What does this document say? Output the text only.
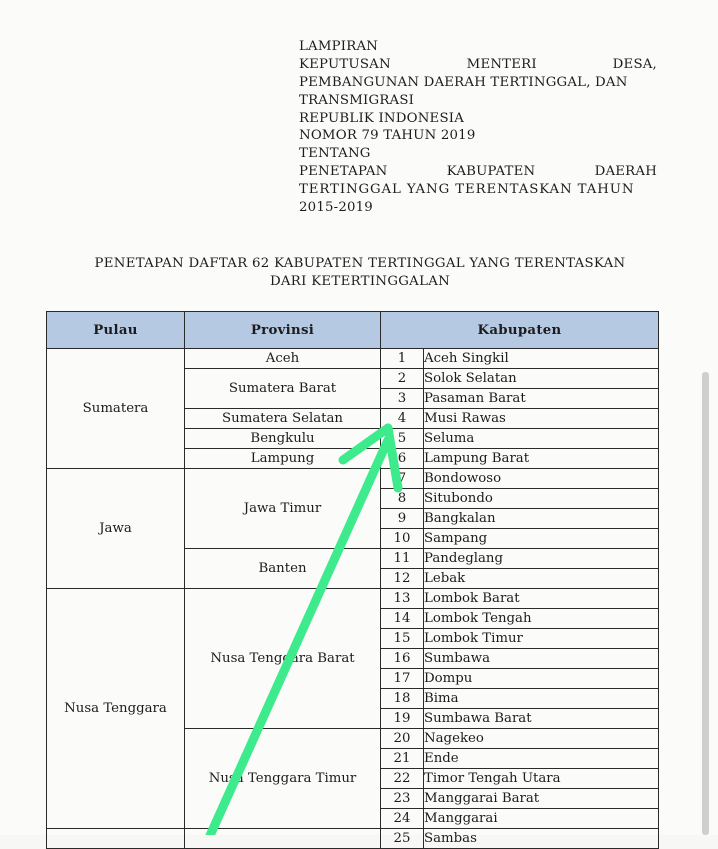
LAMPIRAN
KEPUTUSAN	MENTERI	DESA,
PEMBANGUNAN DAERAH TERTINGGAL, DAN
TRANSMIGRASI
REPUBLIK INDONESIA
NOMOR 79 TAHUN 2019
TENTANG
PENETAPAN	KABUPATEN	DAERAH
TERTINGGAL YANG TERENTASKAN TAHUN
2015-2019
PENETAPAN DAFTAR 62 KABUPATEN TERTINGGAL YANG TERENTASKAN
DARI KETERTINGGALAN
Pulau	Provinsi	Kabupaten	
Sumatera	Aceh	1	Aceh Singkil
	Sumatera Barat	2	Solok Selatan
		3	Pasaman Barat
	Sumatera Selatan	4	Musi Rawas
	Bengkulu	5	Seluma
	Lampung	6	Lampung Barat
Jawa	Jawa Timur	7	Bondowoso
		8	Situbondo
		9	Bangkalan
		10	Sampang
	Banten	11	Pandeglang
		12	Lebak
Nusa Tenggara	Nusa Tenggara Barat	13	Lombok Barat
		14	Lombok Tengah
		15	Lombok Timur
		16	Sumbawa
		17	Dompu
		18	Bima
		19	Sumbawa Barat
	Nusa Tenggara Timur	20	Nagekeo
		21	Ende
		22	Timor Tengah Utara
		23	Manggarai Barat
		24	Manggarai
		25	Sambas
